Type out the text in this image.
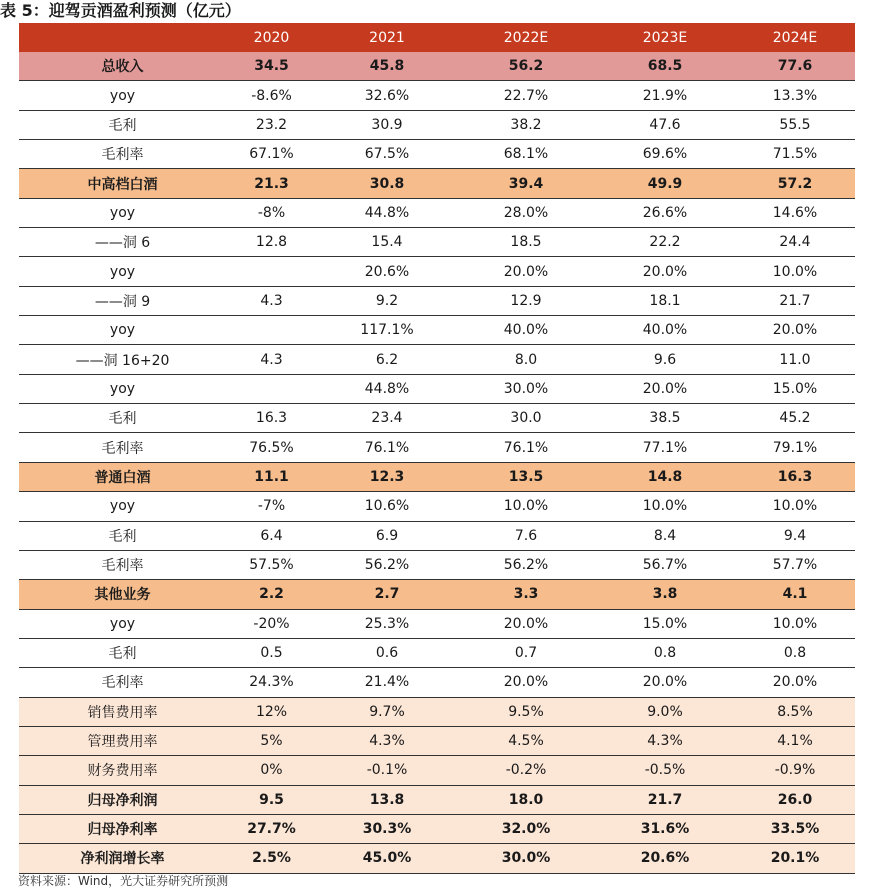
表 5：迎驾贡酒盈利预测（亿元）
	2020	2021	2022E	2023E	2024E
总收入	34.5	45.8	56.2	68.5	77.6
yoy	-8.6%	32.6%	22.7%	21.9%	13.3%
毛利	23.2	30.9	38.2	47.6	55.5
毛利率	67.1%	67.5%	68.1%	69.6%	71.5%
中高档白酒	21.3	30.8	39.4	49.9	57.2
yoy	-8%	44.8%	28.0%	26.6%	14.6%
——洞 6	12.8	15.4	18.5	22.2	24.4
yoy		20.6%	20.0%	20.0%	10.0%
——洞 9	4.3	9.2	12.9	18.1	21.7
yoy		117.1%	40.0%	40.0%	20.0%
——洞 16+20	4.3	6.2	8.0	9.6	11.0
yoy		44.8%	30.0%	20.0%	15.0%
毛利	16.3	23.4	30.0	38.5	45.2
毛利率	76.5%	76.1%	76.1%	77.1%	79.1%
普通白酒	11.1	12.3	13.5	14.8	16.3
yoy	-7%	10.6%	10.0%	10.0%	10.0%
毛利	6.4	6.9	7.6	8.4	9.4
毛利率	57.5%	56.2%	56.2%	56.7%	57.7%
其他业务	2.2	2.7	3.3	3.8	4.1
yoy	-20%	25.3%	20.0%	15.0%	10.0%
毛利	0.5	0.6	0.7	0.8	0.8
毛利率	24.3%	21.4%	20.0%	20.0%	20.0%
销售费用率	12%	9.7%	9.5%	9.0%	8.5%
管理费用率	5%	4.3%	4.5%	4.3%	4.1%
财务费用率	0%	-0.1%	-0.2%	-0.5%	-0.9%
归母净利润	9.5	13.8	18.0	21.7	26.0
归母净利率	27.7%	30.3%	32.0%	31.6%	33.5%
净利润增长率	2.5%	45.0%	30.0%	20.6%	20.1%
资料来源：Wind，光大证券研究所预测
